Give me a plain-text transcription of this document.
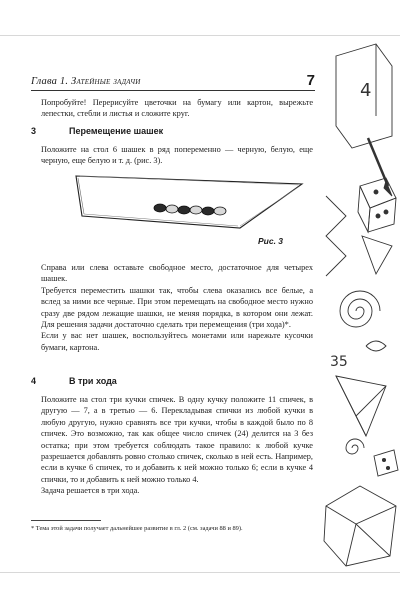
Глава 1. Затейные задачи	7

Попробуйте! Перерисуйте цветочки на бумагу или картон, вырежьте лепестки, стебли и листья и сложите круг.

3	Перемещение шашек

Положите на стол 6 шашек в ряд попеременно — черную, белую, еще черную, еще белую и т. д. (рис. 3).

Рис. 3

Справа или слева оставьте свободное место, достаточное для четырех шашек.

Требуется переместить шашки так, чтобы слева оказались все белые, а вслед за ними все черные. При этом перемещать на свободное место нужно сразу две рядом лежащие шашки, не меняя порядка, в котором они лежат. Для решения задачи достаточно сделать три перемещения (три хода)*.

Если у вас нет шашек, воспользуйтесь монетами или нарежьте кусочки бумаги, картона.

4	В три хода

Положите на стол три кучки спичек. В одну кучку положите 11 спичек, в другую — 7, а в третью — 6. Перекладывая спички из любой кучки в любую другую, нужно сравнять все три кучки, чтобы в каждой было по 8 спичек. Это возможно, так как общее число спичек (24) делится на 3 без остатка; при этом требуется соблюдать такое правило: к любой кучке разрешается добавлять ровно столько спичек, сколько в ней есть. Например, если в кучке 6 спичек, то и добавить к ней можно только 6; если в кучке 4 спички, то и добавить к ней можно только 4.

Задача решается в три хода.

* Тема этой задачи получает дальнейшее развитие в гл. 2 (см. задачи 88 и 89).
4
35
